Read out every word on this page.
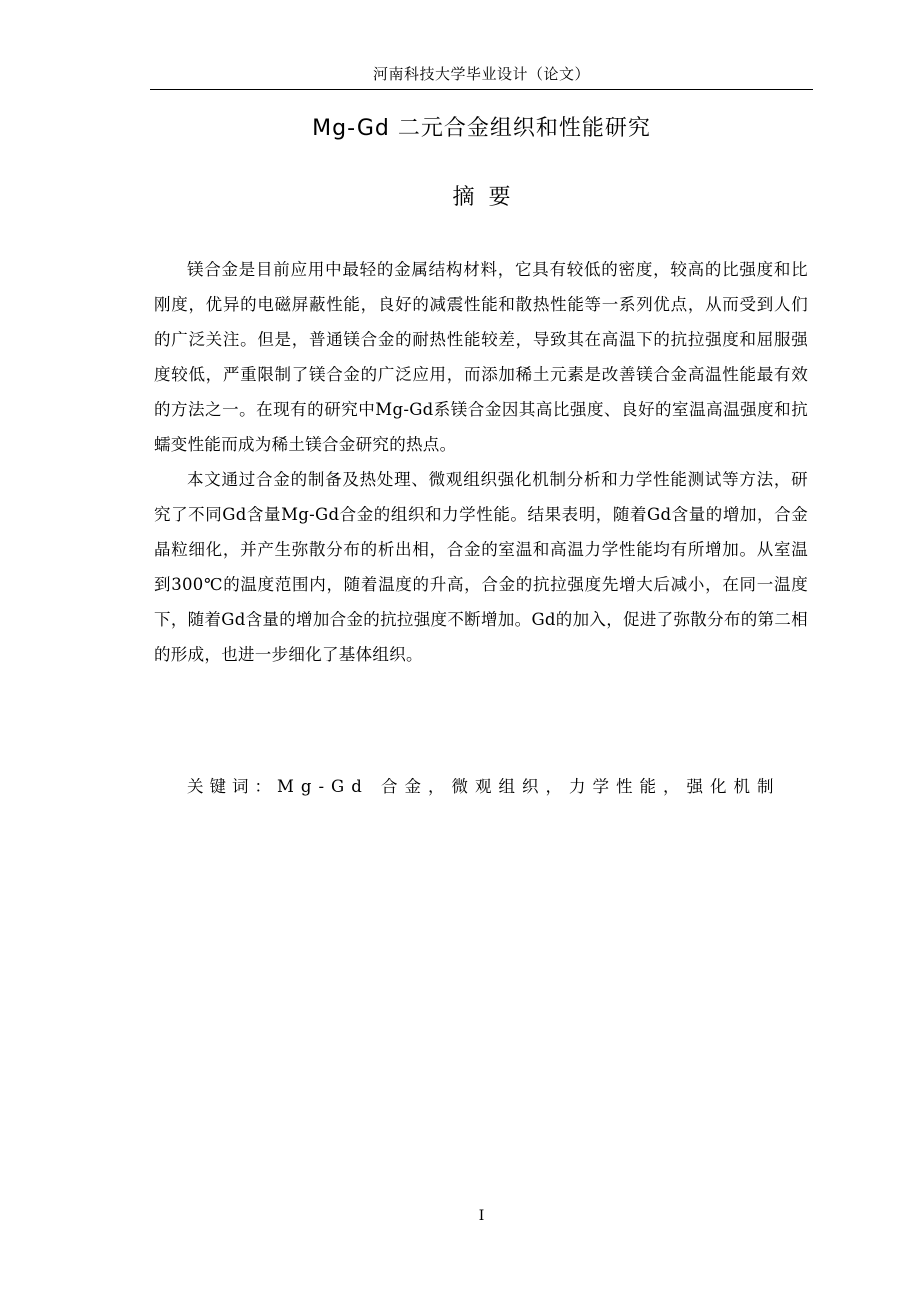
河南科技大学毕业设计（论文）
Mg-Gd 二元合金组织和性能研究
摘要

镁合金是目前应用中最轻的金属结构材料，它具有较低的密度，较高的比强度和比刚度，优异的电磁屏蔽性能，良好的减震性能和散热性能等一系列优点，从而受到人们的广泛关注。但是，普通镁合金的耐热性能较差，导致其在高温下的抗拉强度和屈服强度较低，严重限制了镁合金的广泛应用，而添加稀土元素是改善镁合金高温性能最有效的方法之一。在现有的研究中Mg-Gd系镁合金因其高比强度、良好的室温高温强度和抗蠕变性能而成为稀土镁合金研究的热点。

本文通过合金的制备及热处理、微观组织强化机制分析和力学性能测试等方法，研究了不同Gd含量Mg-Gd合金的组织和力学性能。结果表明，随着Gd含量的增加，合金晶粒细化，并产生弥散分布的析出相，合金的室温和高温力学性能均有所增加。从室温到300℃的温度范围内，随着温度的升高，合金的抗拉强度先增大后减小，在同一温度下，随着Gd含量的增加合金的抗拉强度不断增加。Gd的加入，促进了弥散分布的第二相的形成，也进一步细化了基体组织。

关键词：Mg-Gd 合金，微观组织，力学性能，强化机制
I
